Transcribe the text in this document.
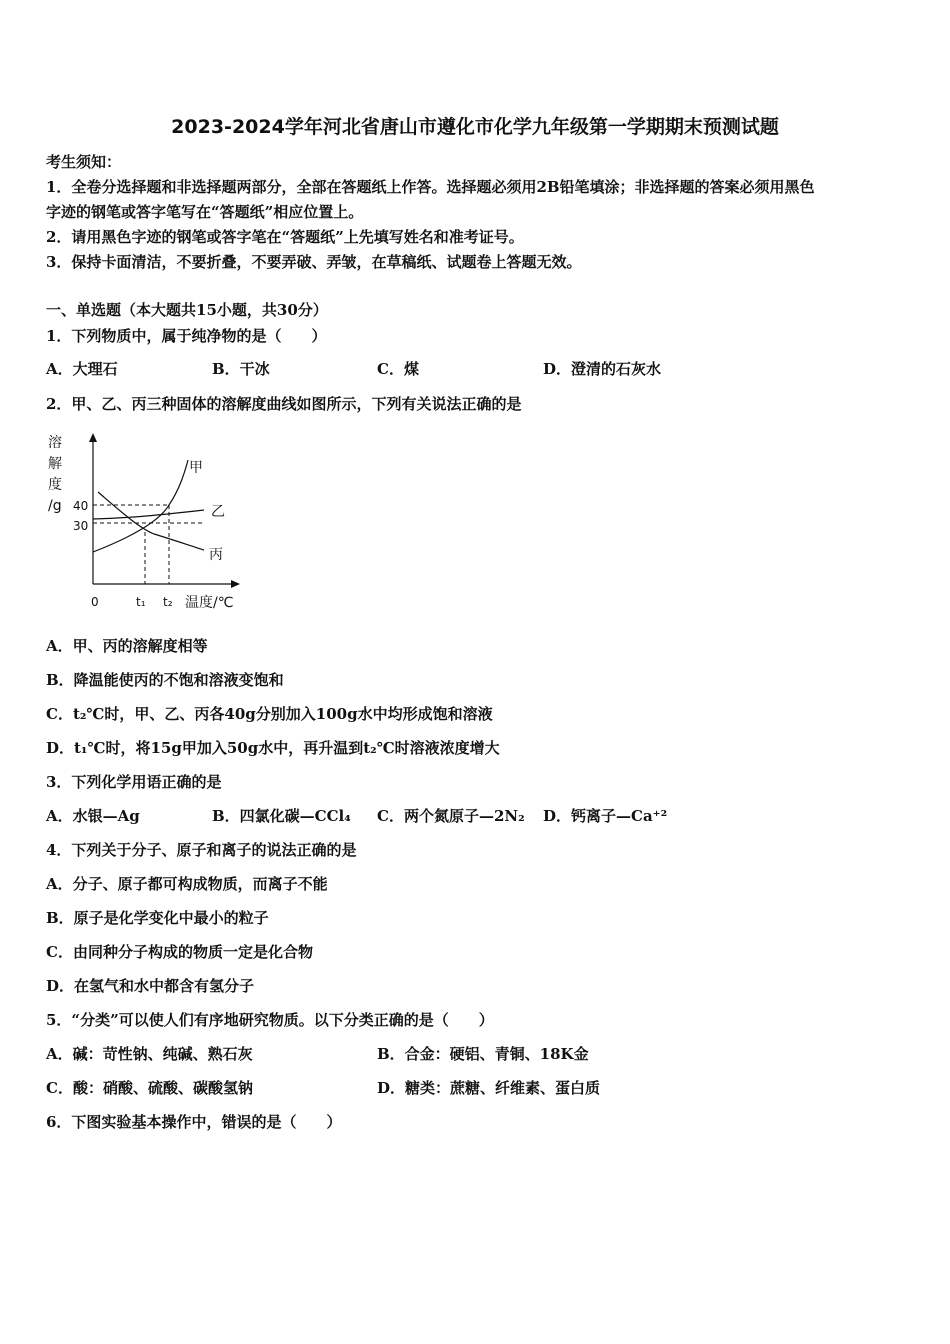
2023-2024学年河北省唐山市遵化市化学九年级第一学期期末预测试题
考生须知：
1．全卷分选择题和非选择题两部分，全部在答题纸上作答。选择题必须用2B铅笔填涂；非选择题的答案必须用黑色
字迹的钢笔或答字笔写在“答题纸”相应位置上。
2．请用黑色字迹的钢笔或答字笔在“答题纸”上先填写姓名和准考证号。
3．保持卡面清洁，不要折叠，不要弄破、弄皱，在草稿纸、试题卷上答题无效。
一、单选题（本大题共15小题，共30分）
1．下列物质中，属于纯净物的是（　　）
A．大理石	B．干冰	C．煤	D．澄清的石灰水
2．甲、乙、丙三种固体的溶解度曲线如图所示，下列有关说法正确的是
溶
解
度
/g 40
30
0	t₁ t₂ 温度/℃
甲
乙
丙
A．甲、丙的溶解度相等
B．降温能使丙的不饱和溶液变饱和
C．t₂℃时，甲、乙、丙各40g分别加入100g水中均形成饱和溶液
D．t₁℃时，将15g甲加入50g水中，再升温到t₂℃时溶液浓度增大
3．下列化学用语正确的是
A．水银—Ag	B．四氯化碳—CCl₄ C．两个氮原子—2N₂ D．钙离子—Ca⁺²
4．下列关于分子、原子和离子的说法正确的是
A．分子、原子都可构成物质，而离子不能
B．原子是化学变化中最小的粒子
C．由同种分子构成的物质一定是化合物
D．在氢气和水中都含有氢分子
5．“分类”可以使人们有序地研究物质。以下分类正确的是（　　）
A．碱：苛性钠、纯碱、熟石灰	B．合金：硬铝、青铜、18K金
C．酸：硝酸、硫酸、碳酸氢钠	D．糖类：蔗糖、纤维素、蛋白质
6．下图实验基本操作中，错误的是（　　）
